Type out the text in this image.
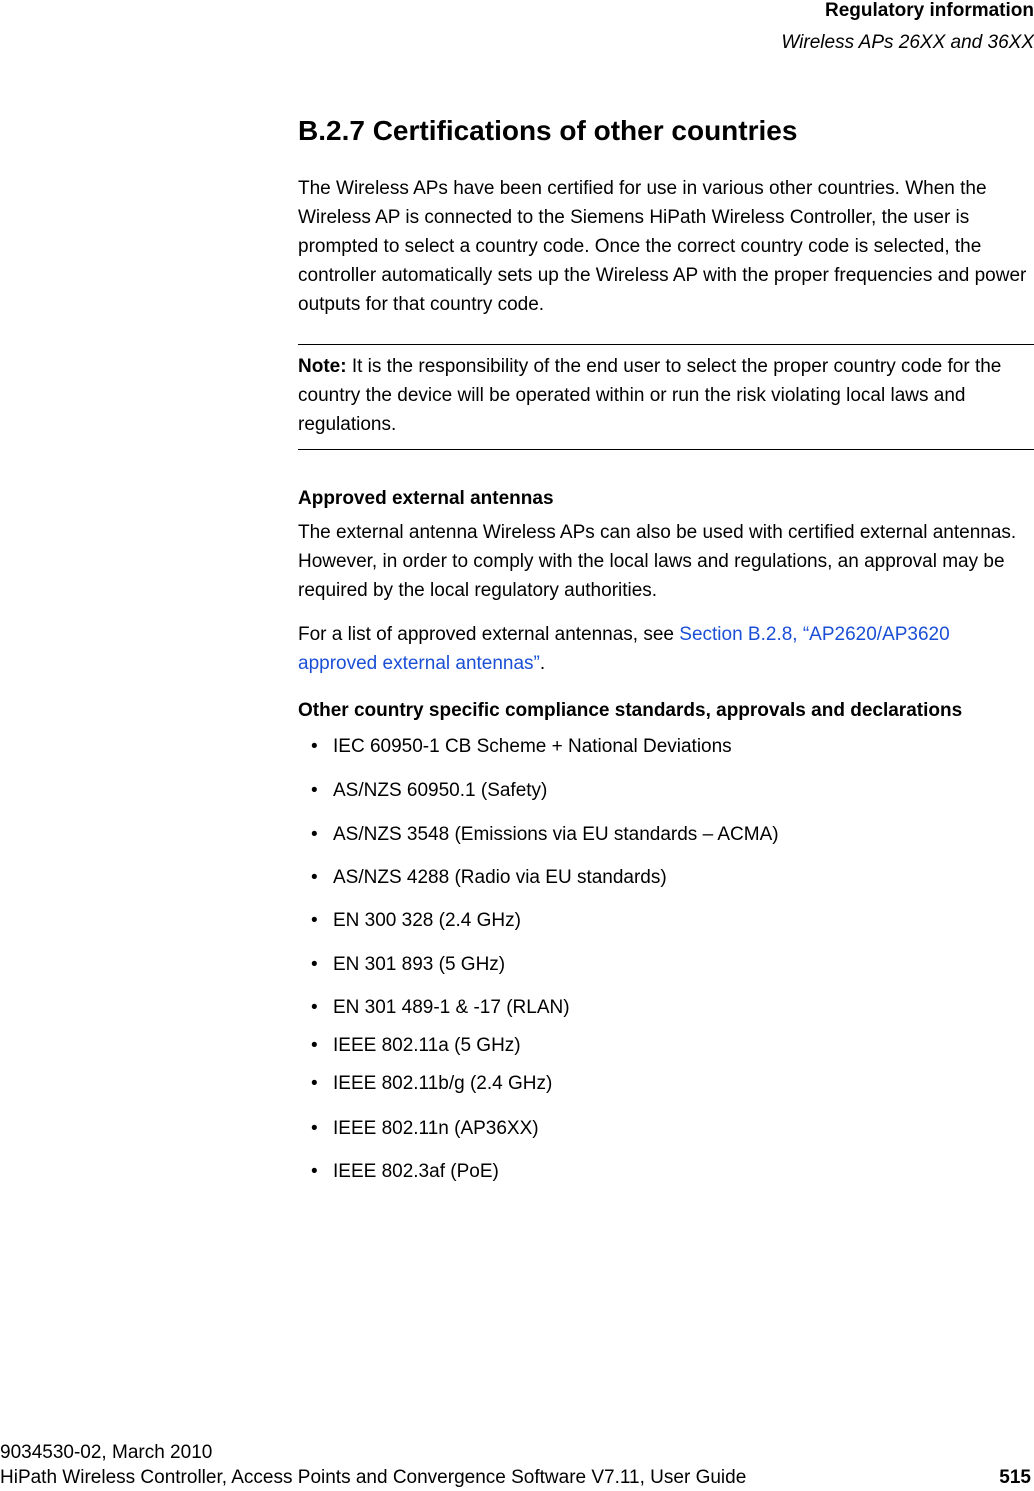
Regulatory information
Wireless APs 26XX and 36XX
B.2.7 Certifications of other countries

The Wireless APs have been certified for use in various other countries. When the Wireless AP is connected to the Siemens HiPath Wireless Controller, the user is prompted to select a country code. Once the correct country code is selected, the controller automatically sets up the Wireless AP with the proper frequencies and power outputs for that country code.

Note: It is the responsibility of the end user to select the proper country code for the country the device will be operated within or run the risk violating local laws and regulations.

Approved external antennas

The external antenna Wireless APs can also be used with certified external antennas. However, in order to comply with the local laws and regulations, an approval may be required by the local regulatory authorities.

For a list of approved external antennas, see Section B.2.8, “AP2620/AP3620 approved external antennas”.

Other country specific compliance standards, approvals and declarations
• IEC 60950-1 CB Scheme + National Deviations
• AS/NZS 60950.1 (Safety)
• AS/NZS 3548 (Emissions via EU standards – ACMA)
• AS/NZS 4288 (Radio via EU standards)
• EN 300 328 (2.4 GHz)
• EN 301 893 (5 GHz)
• EN 301 489-1 & -17 (RLAN)
• IEEE 802.11a (5 GHz)
• IEEE 802.11b/g (2.4 GHz)
• IEEE 802.11n (AP36XX)
• IEEE 802.3af (PoE)
9034530-02, March 2010
HiPath Wireless Controller, Access Points and Convergence Software V7.11, User Guide	515
